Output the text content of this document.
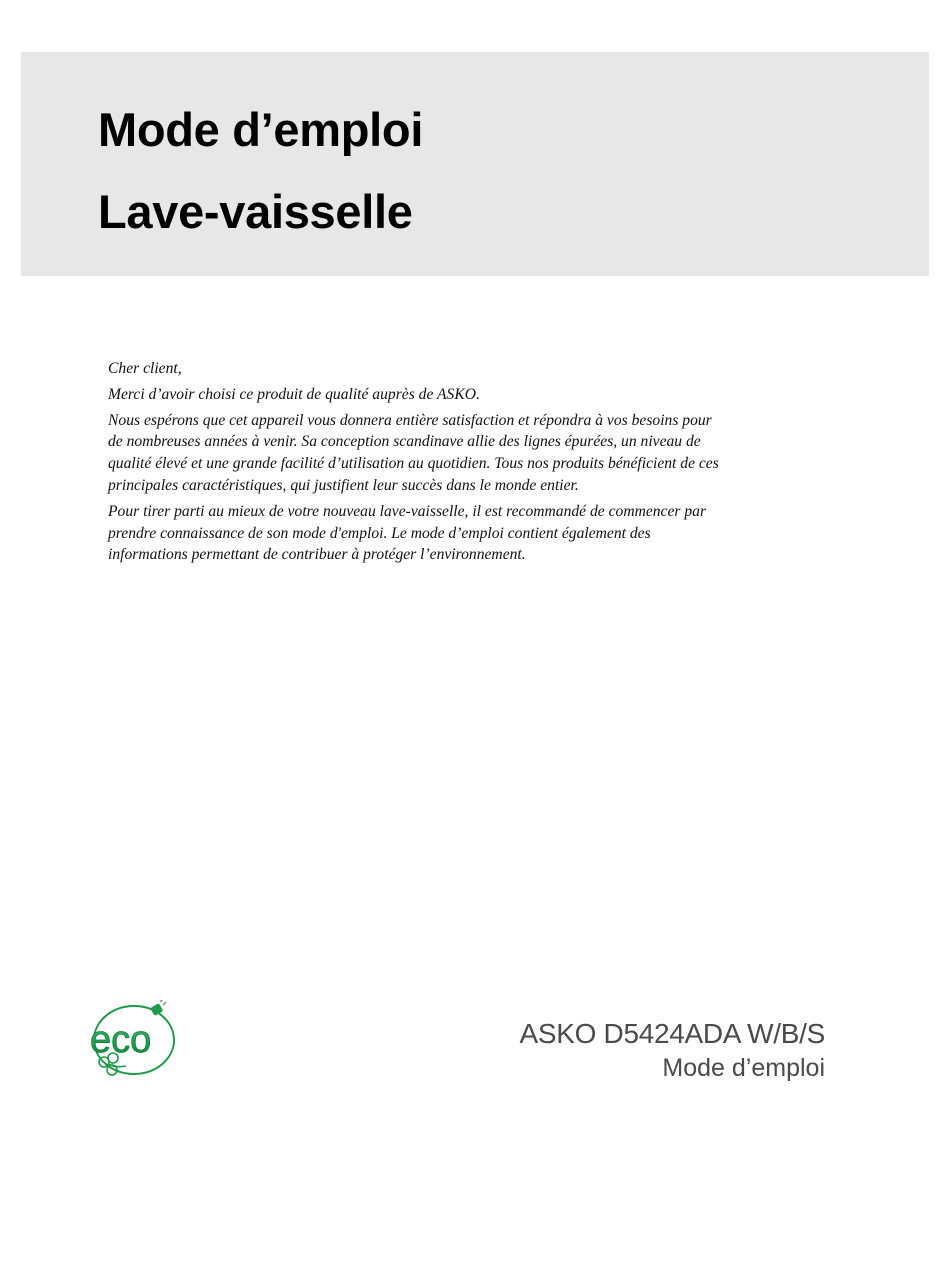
Mode d’emploi
Lave-vaisselle

Cher client,

Merci d’avoir choisi ce produit de qualité auprès de ASKO.

Nous espérons que cet appareil vous donnera entière satisfaction et répondra à vos besoins pour de nombreuses années à venir. Sa conception scandinave allie des lignes épurées, un niveau de qualité élevé et une grande facilité d’utilisation au quotidien. Tous nos produits bénéficient de ces principales caractéristiques, qui justifient leur succès dans le monde entier.

Pour tirer parti au mieux de votre nouveau lave-vaisselle, il est recommandé de commencer par prendre connaissance de son mode d'emploi. Le mode d’emploi contient également des informations permettant de contribuer à protéger l’environnement.

eco	ASKO D5424ADA W/B/S
Mode d’emploi
